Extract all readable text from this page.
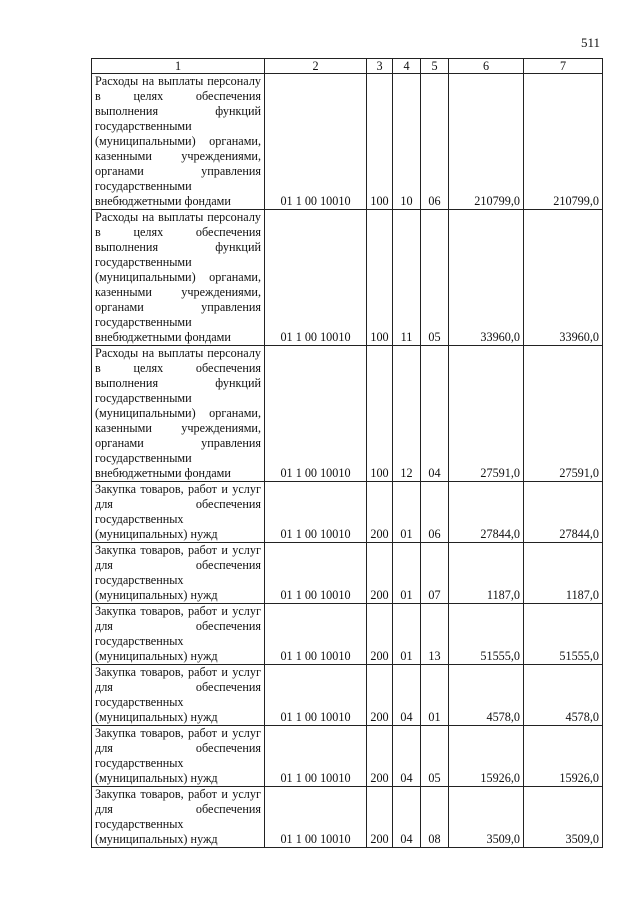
511
1	2	3	4	5	6	7
Расходы на выплаты персоналу в целях обеспечения выполнения функций государственными (муниципальными) органами, казенными учреждениями, органами управления государственными внебюджетными фондами	01 1 00 10010	100	10	06	210799,0	210799,0
Расходы на выплаты персоналу в целях обеспечения выполнения функций государственными (муниципальными) органами, казенными учреждениями, органами управления государственными внебюджетными фондами	01 1 00 10010	100	11	05	33960,0	33960,0
Расходы на выплаты персоналу в целях обеспечения выполнения функций государственными (муниципальными) органами, казенными учреждениями, органами управления государственными внебюджетными фондами	01 1 00 10010	100	12	04	27591,0	27591,0
Закупка товаров, работ и услуг для обеспечения государственных (муниципальных) нужд	01 1 00 10010	200	01	06	27844,0	27844,0
Закупка товаров, работ и услуг для обеспечения государственных (муниципальных) нужд	01 1 00 10010	200	01	07	1187,0	1187,0
Закупка товаров, работ и услуг для обеспечения государственных (муниципальных) нужд	01 1 00 10010	200	01	13	51555,0	51555,0
Закупка товаров, работ и услуг для обеспечения государственных (муниципальных) нужд	01 1 00 10010	200	04	01	4578,0	4578,0
Закупка товаров, работ и услуг для обеспечения государственных (муниципальных) нужд	01 1 00 10010	200	04	05	15926,0	15926,0
Закупка товаров, работ и услуг для обеспечения государственных (муниципальных) нужд	01 1 00 10010	200	04	08	3509,0	3509,0
